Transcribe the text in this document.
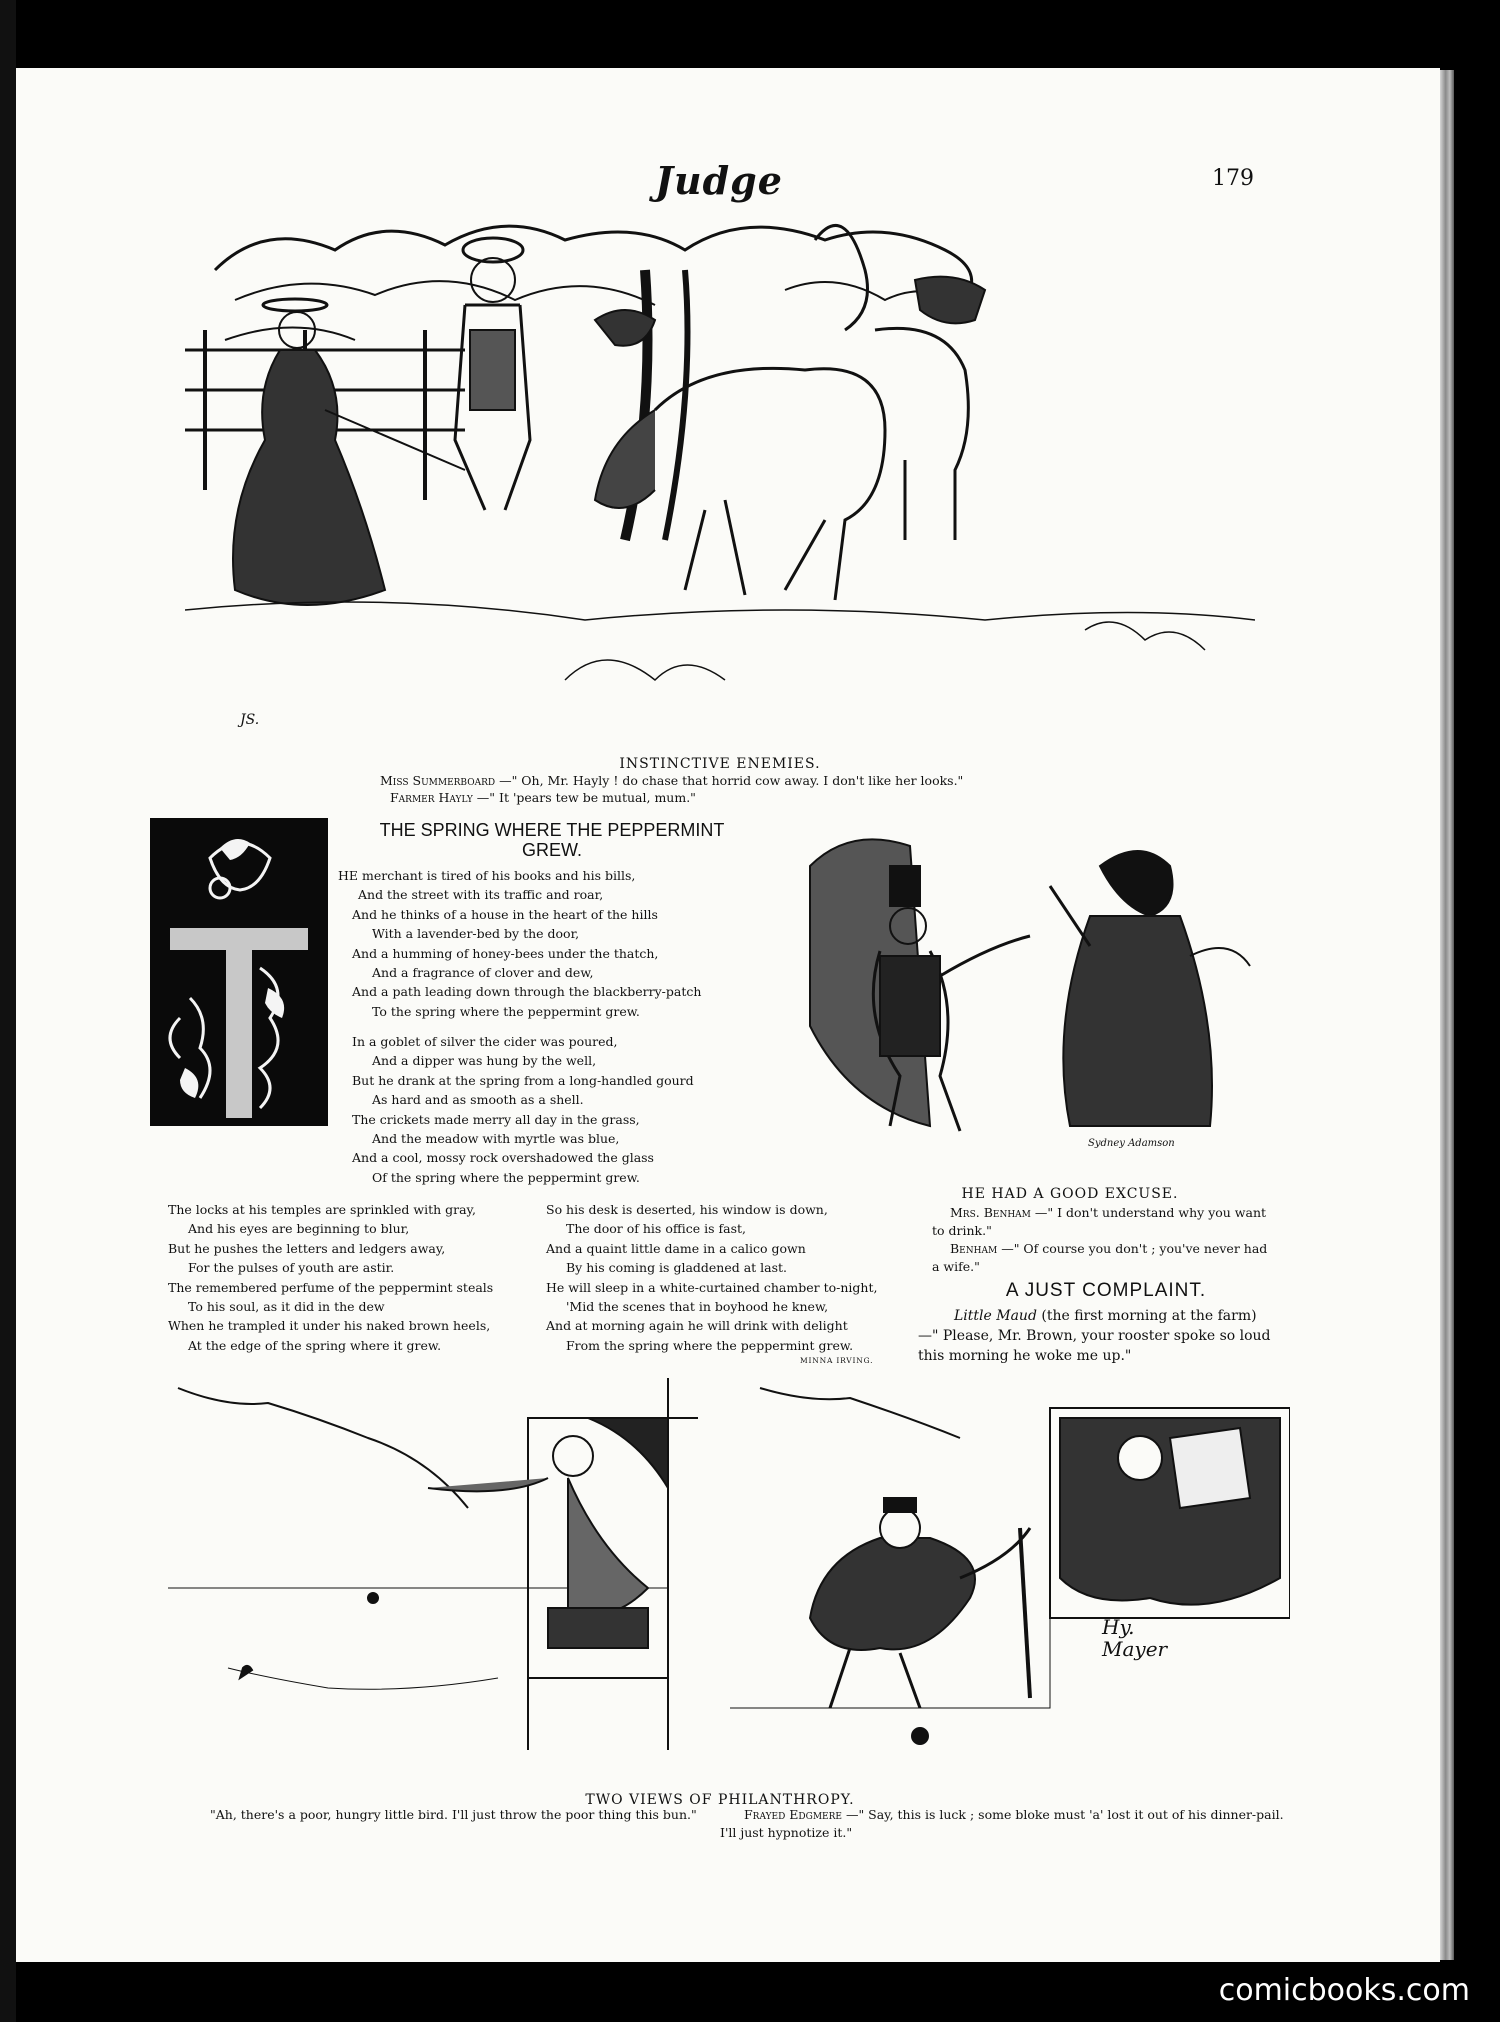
Judge	179
JS.
INSTINCTIVE ENEMIES.
Miss Summerboard —" Oh, Mr. Hayly ! do chase that horrid cow away. I don't like her looks."
Farmer Hayly —" It 'pears tew be mutual, mum."
THE SPRING WHERE THE PEPPERMINT GREW.

HE merchant is tired of his books and his bills,

And the street with its traffic and roar,

And he thinks of a house in the heart of the hills

With a lavender-bed by the door,

And a humming of honey-bees under the thatch,

And a fragrance of clover and dew,

And a path leading down through the blackberry-patch

To the spring where the peppermint grew.

In a goblet of silver the cider was poured,

And a dipper was hung by the well,

But he drank at the spring from a long-handled gourd

As hard and as smooth as a shell.

The crickets made merry all day in the grass,

And the meadow with myrtle was blue,

And a cool, mossy rock overshadowed the glass

Of the spring where the peppermint grew.

The locks at his temples are sprinkled with gray,

And his eyes are beginning to blur,

But he pushes the letters and ledgers away,

For the pulses of youth are astir.

The remembered perfume of the peppermint steals

To his soul, as it did in the dew

When he trampled it under his naked brown heels,

At the edge of the spring where it grew.

So his desk is deserted, his window is down,

The door of his office is fast,

And a quaint little dame in a calico gown

By his coming is gladdened at last.

He will sleep in a white-curtained chamber to-night,

'Mid the scenes that in boyhood he knew,

And at morning again he will drink with delight

From the spring where the peppermint grew.

MINNA IRVING.
Sydney Adamson
HE HAD A GOOD EXCUSE.
Mrs. Benham —" I don't understand why you want to drink."
Benham —" Of course you don't ; you've never had a wife."
A JUST COMPLAINT.
Little Maud (the first morning at the farm) —" Please, Mr. Brown, your rooster spoke so loud this morning he woke me up."
Hy. Mayer
TWO VIEWS OF PHILANTHROPY.
"Ah, there's a poor, hungry little bird. I'll just throw the poor thing this bun."	Frayed Edgmere —" Say, this is luck ; some bloke must 'a' lost it out of his dinner-pail. I'll just hypnotize it."
comicbooks.com
